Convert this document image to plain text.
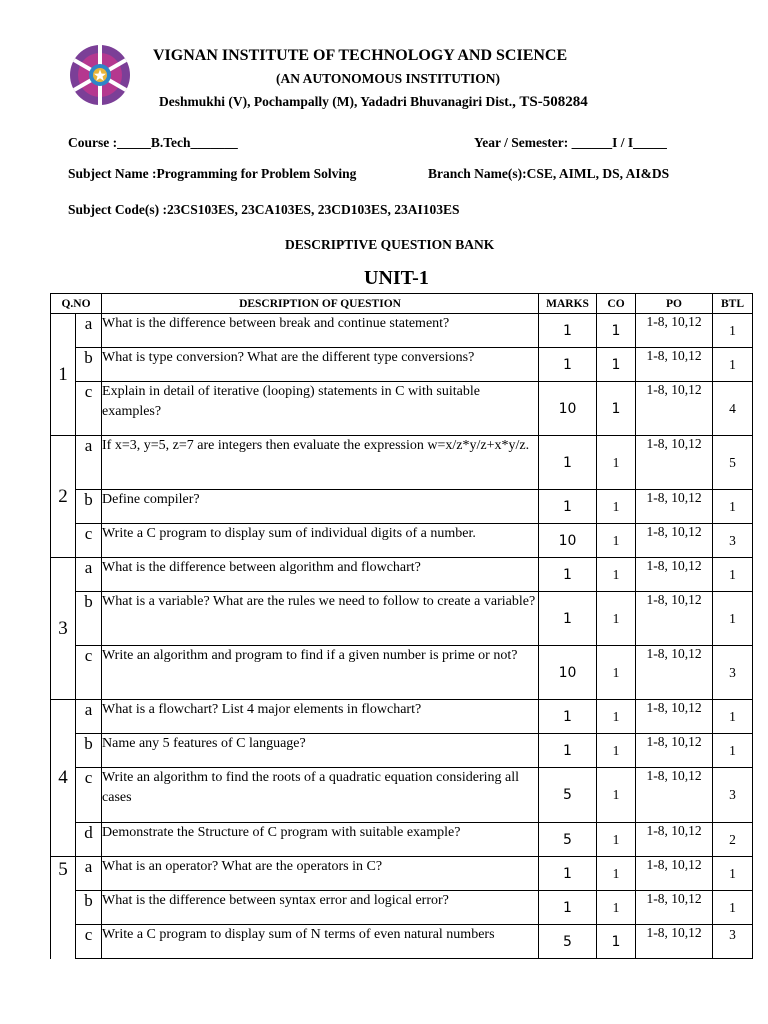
VIGNAN INSTITUTE OF TECHNOLOGY AND SCIENCE
(AN AUTONOMOUS INSTITUTION)
Deshmukhi (V), Pochampally (M), Yadadri Bhuvanagiri Dist., TS-508284
Course :_____B.Tech_______	Year / Semester: ______I / I_____
Subject Name :Programming for Problem Solving	Branch Name(s):CSE, AIML, DS, AI&DS
Subject Code(s) :23CS103ES, 23CA103ES, 23CD103ES, 23AI103ES
DESCRIPTIVE QUESTION BANK
UNIT-1
Q.NO		DESCRIPTION OF QUESTION	MARKS	CO	PO	BTL
1	a	What is the difference between break and continue statement?	1	1	1-8, 10,12	1
	b	What is type conversion? What are the different type conversions?	1	1	1-8, 10,12	1
	c	Explain in detail of iterative (looping) statements in C with suitable examples?	10	1	1-8, 10,12	4
2	a	If x=3, y=5, z=7 are integers then evaluate the expression w=x/z*y/z+x*y/z.	1	1	1-8, 10,12	5
	b	Define compiler?	1	1	1-8, 10,12	1
	c	Write a C program to display sum of individual digits of a number.	10	1	1-8, 10,12	3
3	a	What is the difference between algorithm and flowchart?	1	1	1-8, 10,12	1
	b	What is a variable? What are the rules we need to follow to create a variable?	1	1	1-8, 10,12	1
	c	Write an algorithm and program to find if a given number is prime or not?	10	1	1-8, 10,12	3
4	a	What is a flowchart? List 4 major elements in flowchart?	1	1	1-8, 10,12	1
	b	Name any 5 features of C language?	1	1	1-8, 10,12	1
	c	Write an algorithm to find the roots of a quadratic equation considering all cases	5	1	1-8, 10,12	3
	d	Demonstrate the Structure of C program with suitable example?	5	1	1-8, 10,12	2
5	a	What is an operator? What are the operators in C?	1	1	1-8, 10,12	1
	b	What is the difference between syntax error and logical error?	1	1	1-8, 10,12	1
	c	Write a C program to display sum of N terms of even natural numbers	5	1	1-8, 10,12	3
